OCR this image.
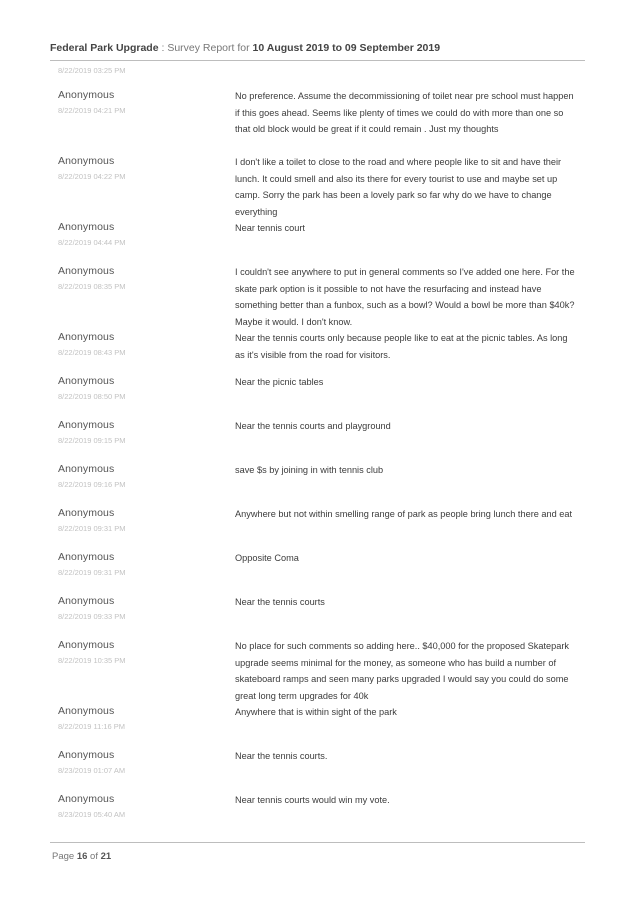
Federal Park Upgrade : Survey Report for 10 August 2019 to 09 September 2019
8/22/2019 03:25 PM
Anonymous
8/22/2019 04:21 PM
No preference. Assume the decommissioning of toilet near pre school must happen if this goes ahead. Seems like plenty of times we could do with more than one so that old block would be great if it could remain . Just my thoughts
Anonymous
8/22/2019 04:22 PM
I don't like a toilet to close to the road and where people like to sit and have their lunch. It could smell and also its there for every tourist to use and maybe set up camp. Sorry the park has been a lovely park so far why do we have to change everything
Anonymous
8/22/2019 04:44 PM
Near tennis court
Anonymous
8/22/2019 08:35 PM
I couldn't see anywhere to put in general comments so I've added one here. For the skate park option is it possible to not have the resurfacing and instead have something better than a funbox, such as a bowl? Would a bowl be more than $40k? Maybe it would. I don't know.
Anonymous
8/22/2019 08:43 PM
Near the tennis courts only because people like to eat at the picnic tables. As long as it's visible from the road for visitors.
Anonymous
8/22/2019 08:50 PM
Near the picnic tables
Anonymous
8/22/2019 09:15 PM
Near the tennis courts and playground
Anonymous
8/22/2019 09:16 PM
save $s by joining in with tennis club
Anonymous
8/22/2019 09:31 PM
Anywhere but not within smelling range of park as people bring lunch there and eat
Anonymous
8/22/2019 09:31 PM
Opposite Coma
Anonymous
8/22/2019 09:33 PM
Near the tennis courts
Anonymous
8/22/2019 10:35 PM
No place for such comments so adding here.. $40,000 for the proposed Skatepark upgrade seems minimal for the money, as someone who has build a number of skateboard ramps and seen many parks upgraded I would say you could do some great long term upgrades for 40k
Anonymous
8/22/2019 11:16 PM
Anywhere that is within sight of the park
Anonymous
8/23/2019 01:07 AM
Near the tennis courts.
Anonymous
8/23/2019 05:40 AM
Near tennis courts would win my vote.
Page 16 of 21
